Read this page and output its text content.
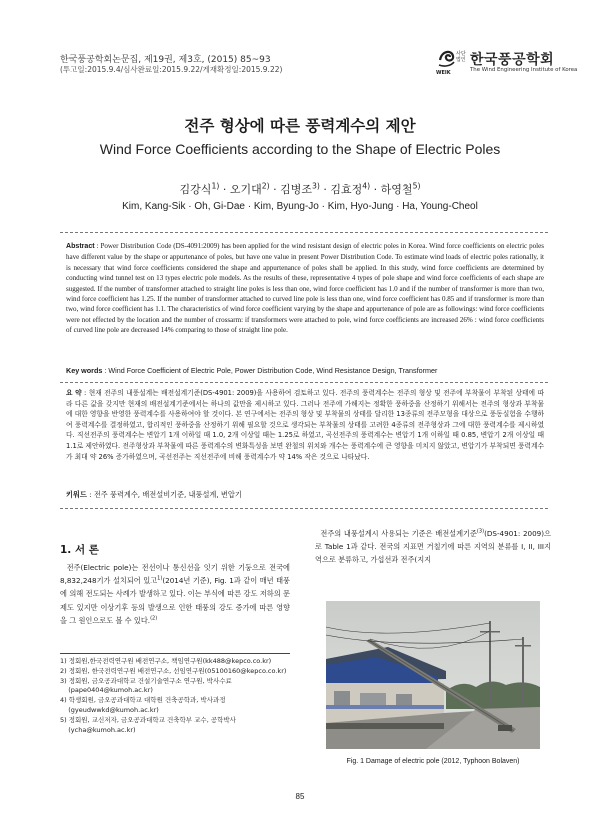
한국풍공학회논문집, 제19권, 제3호, (2015) 85~93
(투고일:2015.9.4/심사완료일:2015.9.22/게재확정일:2015.9.22)	WEIK
사단 법인 한국풍공학회
The Wind Engineering Institute of Korea
전주 형상에 따른 풍력계수의 제안
Wind Force Coefficients according to the Shape of Electric Poles
김강식$^{1)}$ · 오기대$^{2)}$ · 김병조$^{3)}$ · 김효정$^{4)}$ · 하영철$^{5)}$
Kim, Kang-Sik · Oh, Gi-Dae · Kim, Byung-Jo · Kim, Hyo-Jung · Ha, Young-Cheol
Abstract : Power Distribution Code (DS-4091:2009) has been applied for the wind resistant design of electric poles in Korea. Wind force coefficients on electric poles have different value by the shape or appurtenance of poles, but have one value in present Power Distribution Code. To estimate wind loads of electric poles rationally, it is necessary that wind force coefficients considered the shape and appurtenance of poles shall be applied. In this study, wind force coefficients are determined by conducting wind tunnel test on 13 types electric pole models. As the results of these, representative 4 types of pole shape and wind force coefficients of each shape are suggested. If the number of transformer attached to straight line poles is less than one, wind force coefficient has 1.0 and if the number of transformer is more than two, wind force coefficient has 1.25. If the number of transformer attached to curved line pole is less than one, wind force coefficient has 0.85 and if transformer is more than two, wind force coefficient has 1.1. The characteristics of wind force coefficient varying by the shape and appurtenance of pole are as followings: wind force coefficients were not effected by the location and the number of crossarm: if transformers were attached to pole, wind force coefficients are increased 26% : wind force coefficients of curved line pole are decreased 14% comparing to those of straight line pole.
Key words : Wind Force Coefficient of Electric Pole, Power Distribution Code, Wind Resistance Design, Transformer
요 약 : 현재 전주의 내풍설계는 배전설계기준(DS-4901: 2009)을 사용하여 검토하고 있다. 전주의 풍력계수는 전주의 형상 및 전주에 부착물이 부착된 상태에 따라 다른 값을 갖지만 현재의 배전설계기준에서는 하나의 값만을 제시하고 있다. 그러나 전주에 가해지는 정확한 풍하중을 산정하기 위해서는 전주의 형상과 부착물에 대한 영향을 반영한 풍력계수를 사용하여야 할 것이다. 본 연구에서는 전주의 형상 및 부착물의 상태를 달리한 13종류의 전주모형을 대상으로 풍동실험을 수행하여 풍력계수를 결정하였고, 합리적인 풍하중을 산정하기 위해 필요할 것으로 생각되는 부착물의 상태를 고려한 4종류의 전주형상과 그에 대한 풍력계수를 제시하였다. 직선전주의 풍력계수는 변압기 1개 이하일 때 1.0, 2개 이상일 때는 1.25로 하였고, 곡선전주의 풍력계수는 변압기 1개 이하일 때 0.85, 변압기 2개 이상일 때 1.1로 제안하였다. 전주형상과 부착물에 따른 풍력계수의 변화특성을 보면 완철의 위치와 개수는 풍력계수에 큰 영향을 미치지 않았고, 변압기가 부착되면 풍력계수가 최대 약 26% 증가하였으며, 곡선전주는 직선전주에 비해 풍력계수가 약 14% 작은 것으로 나타났다.
키워드 : 전주 풍력계수, 배전설비기준, 내풍설계, 변압기
1. 서 론
전주(Electric pole)는 전선이나 통신선을 잇기 위한 기둥으로 전국에 8,832,248기가 설치되어 있고$^{1)}$(2014년 기준), Fig. 1과 같이 매년 태풍에 의해 전도되는 사례가 발생하고 있다. 이는 부식에 따른 강도 저하의 문제도 있지만 이상기후 등의 발생으로 인한 태풍의 강도 증가에 따른 영향을 그 원인으로도 볼 수 있다.$^{(2)}$
전주의 내풍설계시 사용되는 기준은 배전설계기준$^{(3)}$(DS-4901: 2009)으로 Table 1과 같다. 전국의 지표면 거칠기에 따른 지역의 분류를 I, II, III지역으로 분류하고, 가섭선과 전주(지지
1) 정회원,한국전력연구원 배전연구소, 책임연구원(kk488@kepco.co.kr)
2) 정회원, 한국전력연구원 배전연구소, 선임연구원(05100160@kepco.co.kr)
3) 정회원, 금오공과대학교 건설기술연구소 연구원, 박사수료
(pape0404@kumoh.ac.kr)
4) 학생회원, 금오공과대학교 대학원 건축공학과, 박사과정
(gyeudwwkd@kumoh.ac.kr)
5) 정회원, 교신저자, 금오공과대학교 건축학부 교수, 공학박사
(ycha@kumoh.ac.kr)
Fig. 1 Damage of electric pole (2012, Typhoon Bolaven)
85
